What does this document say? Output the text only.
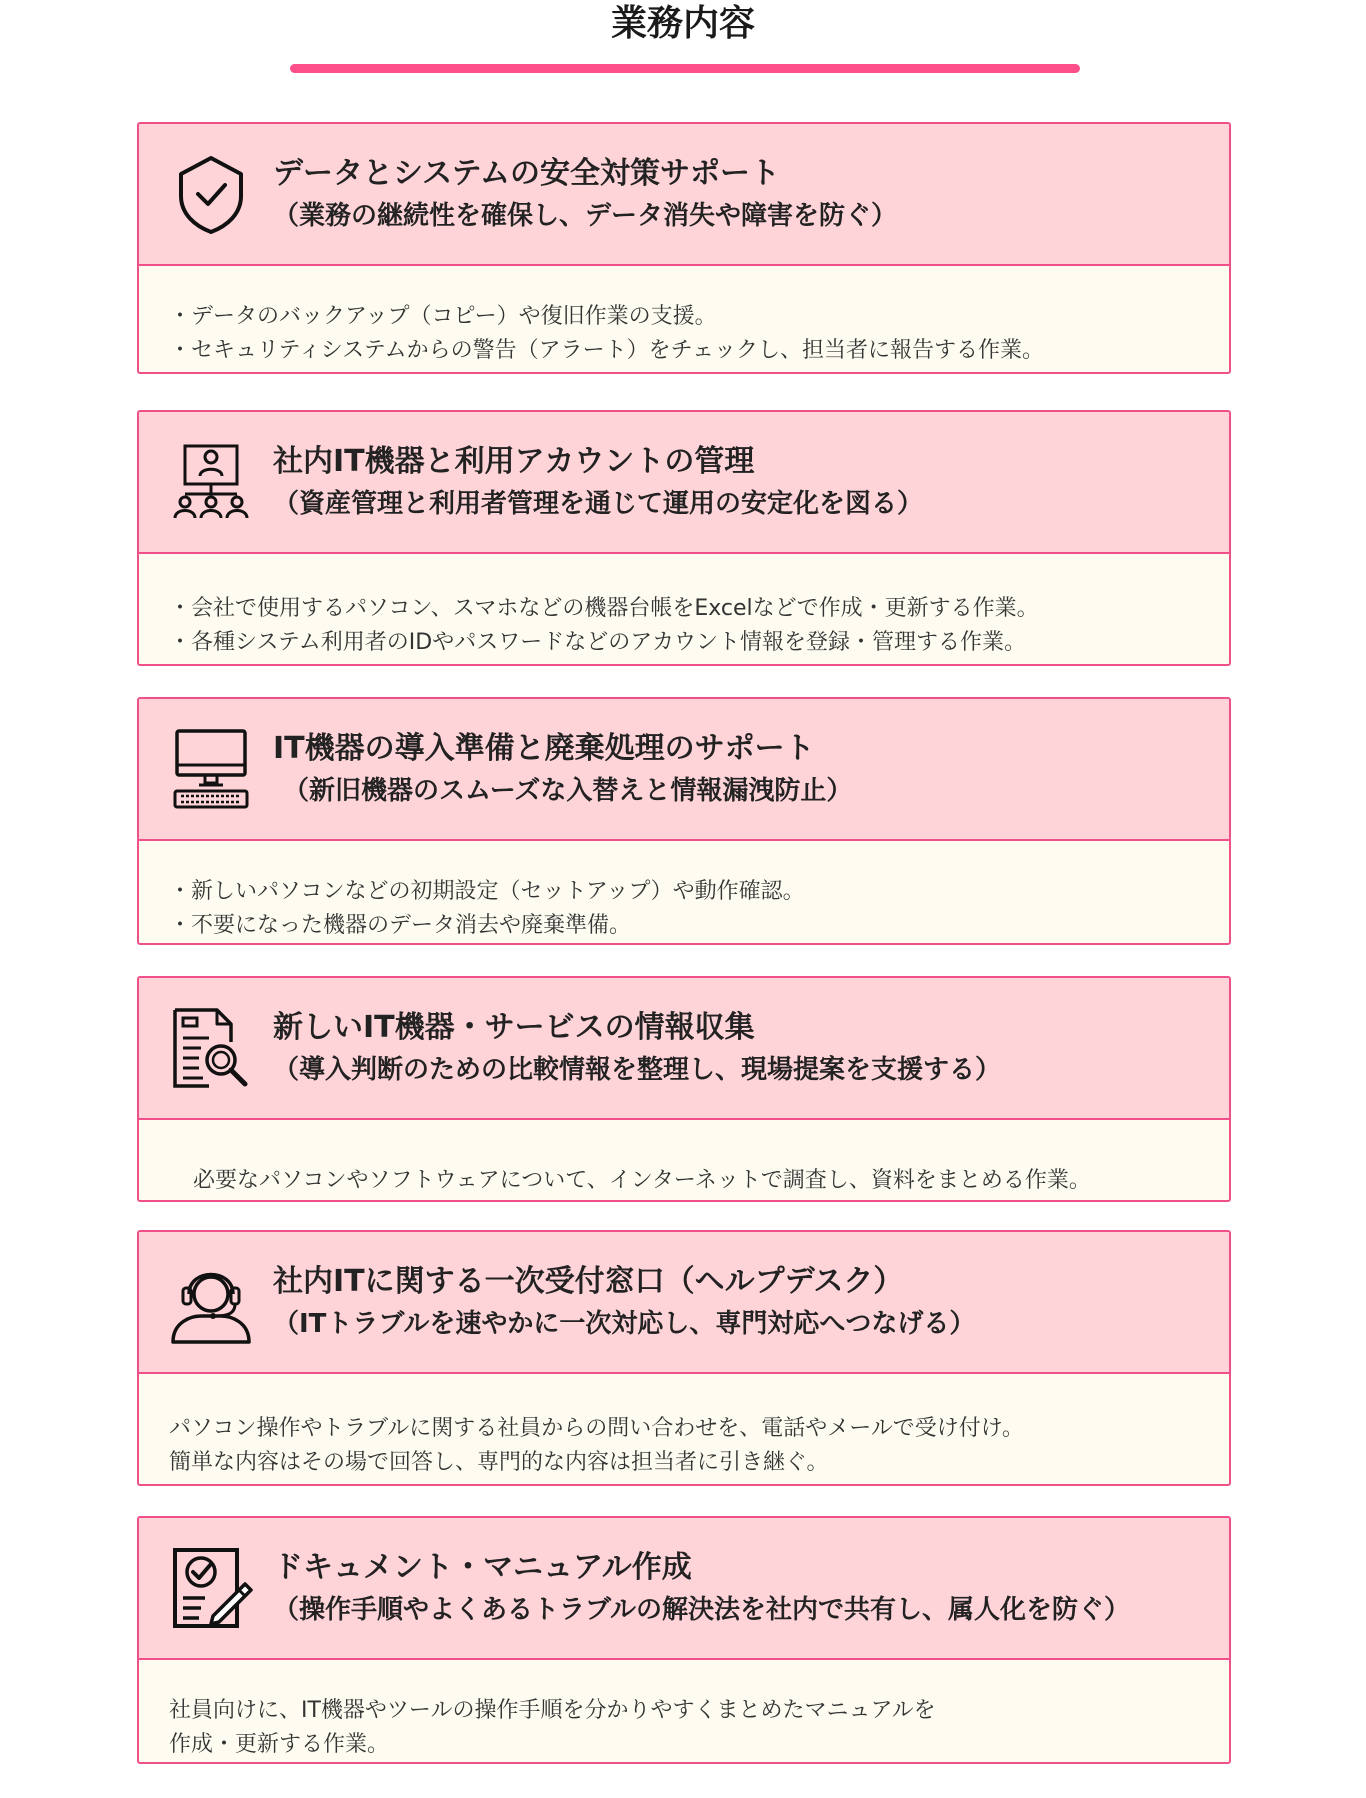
業務内容
データとシステムの安全対策サポート
（業務の継続性を確保し、データ消失や障害を防ぐ）
・データのバックアップ（コピー）や復旧作業の支援。
・セキュリティシステムからの警告（アラート）をチェックし、担当者に報告する作業。
社内IT機器と利用アカウントの管理
（資産管理と利用者管理を通じて運用の安定化を図る）
・会社で使用するパソコン、スマホなどの機器台帳をExcelなどで作成・更新する作業。
・各種システム利用者のIDやパスワードなどのアカウント情報を登録・管理する作業。
IT機器の導入準備と廃棄処理のサポート
（新旧機器のスムーズな入替えと情報漏洩防止）
・新しいパソコンなどの初期設定（セットアップ）や動作確認。
・不要になった機器のデータ消去や廃棄準備。
新しいIT機器・サービスの情報収集
（導入判断のための比較情報を整理し、現場提案を支援する）
必要なパソコンやソフトウェアについて、インターネットで調査し、資料をまとめる作業。
社内ITに関する一次受付窓口（ヘルプデスク）
（ITトラブルを速やかに一次対応し、専門対応へつなげる）
パソコン操作やトラブルに関する社員からの問い合わせを、電話やメールで受け付け。
簡単な内容はその場で回答し、専門的な内容は担当者に引き継ぐ。
ドキュメント・マニュアル作成
（操作手順やよくあるトラブルの解決法を社内で共有し、属人化を防ぐ）
社員向けに、IT機器やツールの操作手順を分かりやすくまとめたマニュアルを
作成・更新する作業。
